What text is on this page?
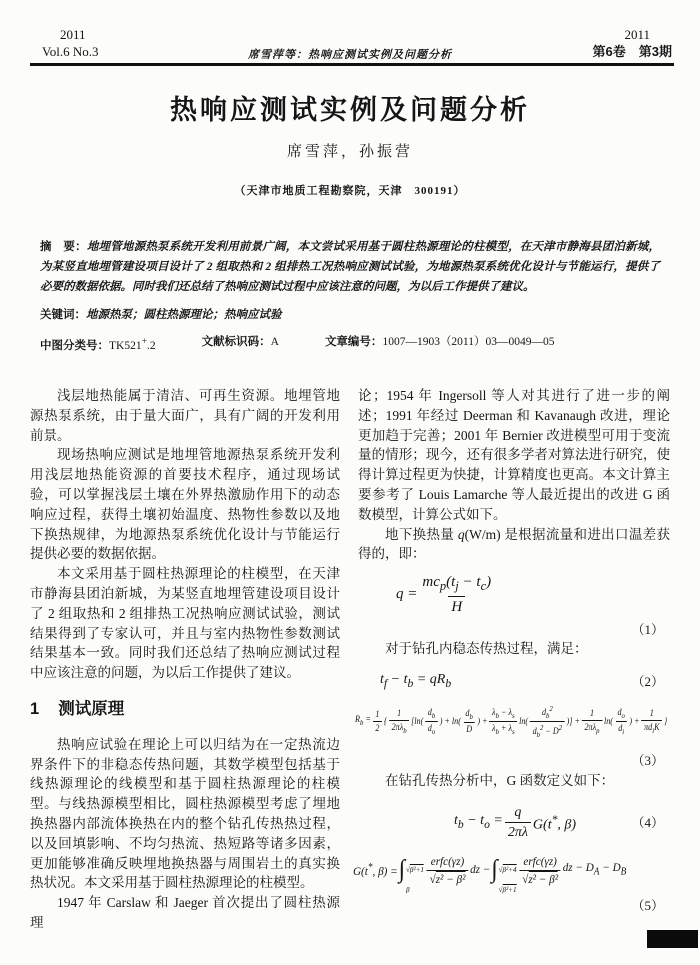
2011
Vol.6 No.3	席雪萍等：热响应测试实例及问题分析
2011
第6卷　第3期
热响应测试实例及问题分析
席雪萍，孙振营
（天津市地质工程勘察院，天津　300191）

摘　要：地埋管地源热泵系统开发利用前景广阔，本文尝试采用基于圆柱热源理论的柱模型，在天津市静海县团泊新城，为某竖直地埋管建设项目设计了 2 组取热和 2 组排热工况热响应测试试验，为地源热泵系统优化设计与节能运行，提供了必要的数据依据。同时我们还总结了热响应测试过程中应该注意的问题，为以后工作提供了建议。

关键词：地源热泵；圆柱热源理论；热响应试验

中图分类号：TK521+.2	文献标识码：A	文章编号：1007—1903（2011）03—0049—05

浅层地热能属于清洁、可再生资源。地埋管地源热泵系统，由于量大面广，具有广阔的开发利用前景。

现场热响应测试是地埋管地源热泵系统开发利用浅层地热能资源的首要技术程序，通过现场试验，可以掌握浅层土壤在外界热激励作用下的动态响应过程，获得土壤初始温度、热物性参数以及地下换热规律，为地源热泵系统优化设计与节能运行提供必要的数据依据。

本文采用基于圆柱热源理论的柱模型，在天津市静海县团泊新城，为某竖直地埋管建设项目设计了 2 组取热和 2 组排热工况热响应测试试验，测试结果得到了专家认可，并且与室内热物性参数测试结果基本一致。同时我们还总结了热响应测试过程中应该注意的问题，为以后工作提供了建议。

1 测试原理

热响应试验在理论上可以归结为在一定热流边界条件下的非稳态传热问题，其数学模型包括基于线热源理论的线模型和基于圆柱热源理论的柱模型。与线热源模型相比，圆柱热源模型考虑了埋地换热器内部流体换热在内的整个钻孔传热热过程，以及回填影响、不均匀热流、热短路等诸多因素，更加能够准确反映埋地换热器与周围岩土的真实换热状况。本文采用基于圆柱热源理论的柱模型。

1947 年 Carslaw 和 Jaeger 首次提出了圆柱热源理

论；1954 年 Ingersoll 等人对其进行了进一步的阐述；1991 年经过 Deerman 和 Kavanaugh 改进，理论更加趋于完善；2001 年 Bernier 改进模型可用于变流量的情形；现今，还有很多学者对算法进行研究，使得计算过程更为快捷，计算精度也更高。本文计算主要参考了 Louis Lamarche 等人最近提出的改进 G 函数模型，计算公式如下。

地下换热量 q(W/m) 是根据流量和进出口温差获得的，即：

$q = \frac{mc_p(t_j - t_c)}{H}$
（1）

对于钻孔内稳态传热过程，满足：

$t_f - t_b = qR_b$	（2）
$R_b = \frac{1}{2}$ { $\frac{1}{2\pi\lambda_b}$ [ $\ln( \frac{d_b}{d_o}$ ) + $\ln( \frac{d_b}{D}$ ) + $\frac{\lambda_b - \lambda_s}{\lambda_b + \lambda_s} \ln( \frac{d_b^2}{d_b^2 - D^2}$ ) ] + $\frac{1}{2\pi\lambda_p} \ln( \frac{d_o}{d_i}$ ) + $\frac{1}{\pi d_iK}$ }
（3）

在钻孔传热分析中，G 函数定义如下：

$t_b - t_o = \frac{q}{2\pi\lambda} G(t^*$, β)	（4）
G(t*, β) = ∫ √β²+1
β
$\frac{\text{erfc(γz)}}{\text{√z² − β²}}$ dz − ∫ √β²+4
√β²+1
$\frac{\text{erfc(γz)}}{\text{√z² − β²}}$ dz − $D_A - D_B$
（5）
